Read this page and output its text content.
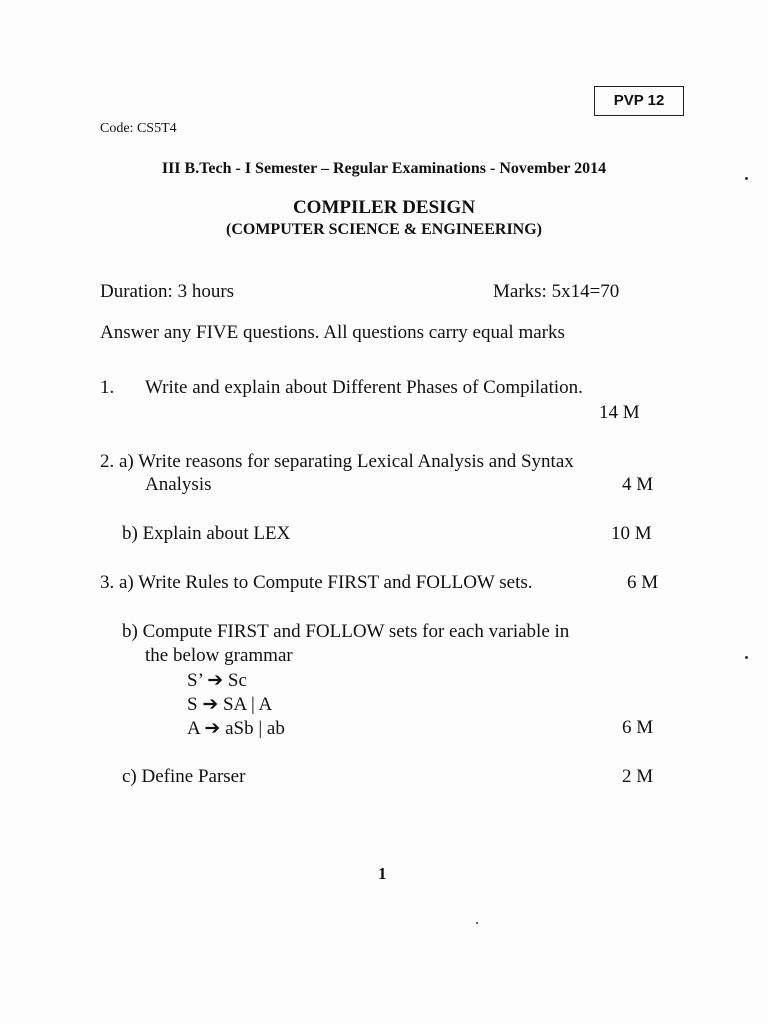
PVP 12
Code: CS5T4
III B.Tech - I Semester – Regular Examinations - November 2014
COMPILER DESIGN
(COMPUTER SCIENCE & ENGINEERING)
Duration: 3 hours	Marks: 5x14=70
Answer any FIVE questions. All questions carry equal marks
1. Write and explain about Different Phases of Compilation.
14 M
2. a) Write reasons for separating Lexical Analysis and Syntax
Analysis	4 M
b) Explain about LEX	10 M
3. a) Write Rules to Compute FIRST and FOLLOW sets.	6 M
b) Compute FIRST and FOLLOW sets for each variable in
the below grammar
S’ ➔ Sc
S ➔ SA | A
A ➔ aSb | ab	6 M
c) Define Parser	2 M
1
